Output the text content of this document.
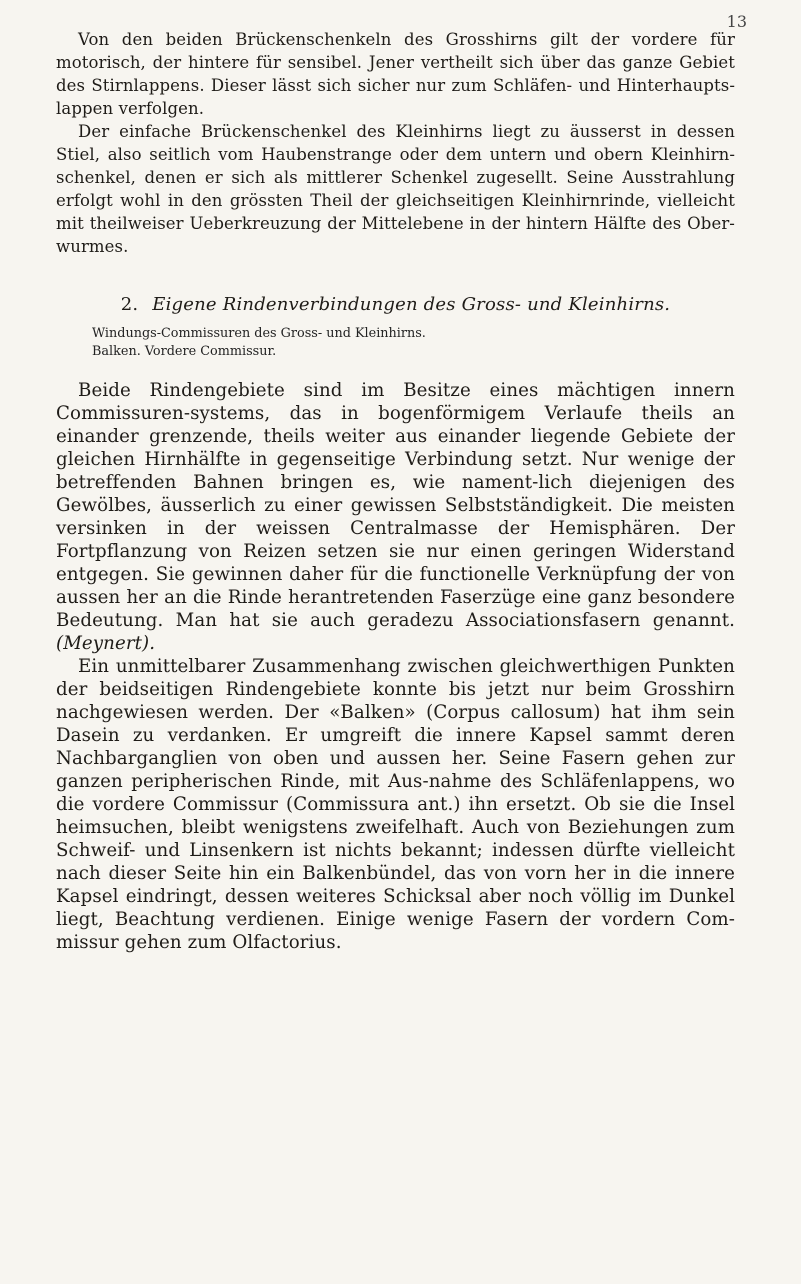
13

Von den beiden Brückenschenkeln des Grosshirns gilt der vordere für motorisch, der hintere für sensibel. Jener vertheilt sich über das ganze Gebiet des Stirnlappens. Dieser lässt sich sicher nur zum Schläfen- und Hinterhaupts-lappen verfolgen.

Der einfache Brückenschenkel des Kleinhirns liegt zu äusserst in dessen Stiel, also seitlich vom Haubenstrange oder dem untern und obern Kleinhirn-schenkel, denen er sich als mittlerer Schenkel zugesellt. Seine Ausstrahlung erfolgt wohl in den grössten Theil der gleichseitigen Kleinhirnrinde, vielleicht mit theilweiser Ueberkreuzung der Mittelebene in der hintern Hälfte des Ober-wurmes.

2. Eigene Rindenverbindungen des Gross- und Kleinhirns.
Windungs-Commissuren des Gross- und Kleinhirns.
Balken. Vordere Commissur.

Beide Rindengebiete sind im Besitze eines mächtigen innern Commissuren-systems, das in bogenförmigem Verlaufe theils an einander grenzende, theils weiter aus einander liegende Gebiete der gleichen Hirnhälfte in gegenseitige Verbindung setzt. Nur wenige der betreffenden Bahnen bringen es, wie nament-lich diejenigen des Gewölbes, äusserlich zu einer gewissen Selbstständigkeit. Die meisten versinken in der weissen Centralmasse der Hemisphären. Der Fortpflanzung von Reizen setzen sie nur einen geringen Widerstand entgegen. Sie gewinnen daher für die functionelle Verknüpfung der von aussen her an die Rinde herantretenden Faserzüge eine ganz besondere Bedeutung. Man hat sie auch geradezu Associationsfasern genannt. (Meynert).

Ein unmittelbarer Zusammenhang zwischen gleichwerthigen Punkten der beidseitigen Rindengebiete konnte bis jetzt nur beim Grosshirn nachgewiesen werden. Der «Balken» (Corpus callosum) hat ihm sein Dasein zu verdanken. Er umgreift die innere Kapsel sammt deren Nachbarganglien von oben und aussen her. Seine Fasern gehen zur ganzen peripherischen Rinde, mit Aus-nahme des Schläfenlappens, wo die vordere Commissur (Commissura ant.) ihn ersetzt. Ob sie die Insel heimsuchen, bleibt wenigstens zweifelhaft. Auch von Beziehungen zum Schweif- und Linsenkern ist nichts bekannt; indessen dürfte vielleicht nach dieser Seite hin ein Balkenbündel, das von vorn her in die innere Kapsel eindringt, dessen weiteres Schicksal aber noch völlig im Dunkel liegt, Beachtung verdienen. Einige wenige Fasern der vordern Com-missur gehen zum Olfactorius.
